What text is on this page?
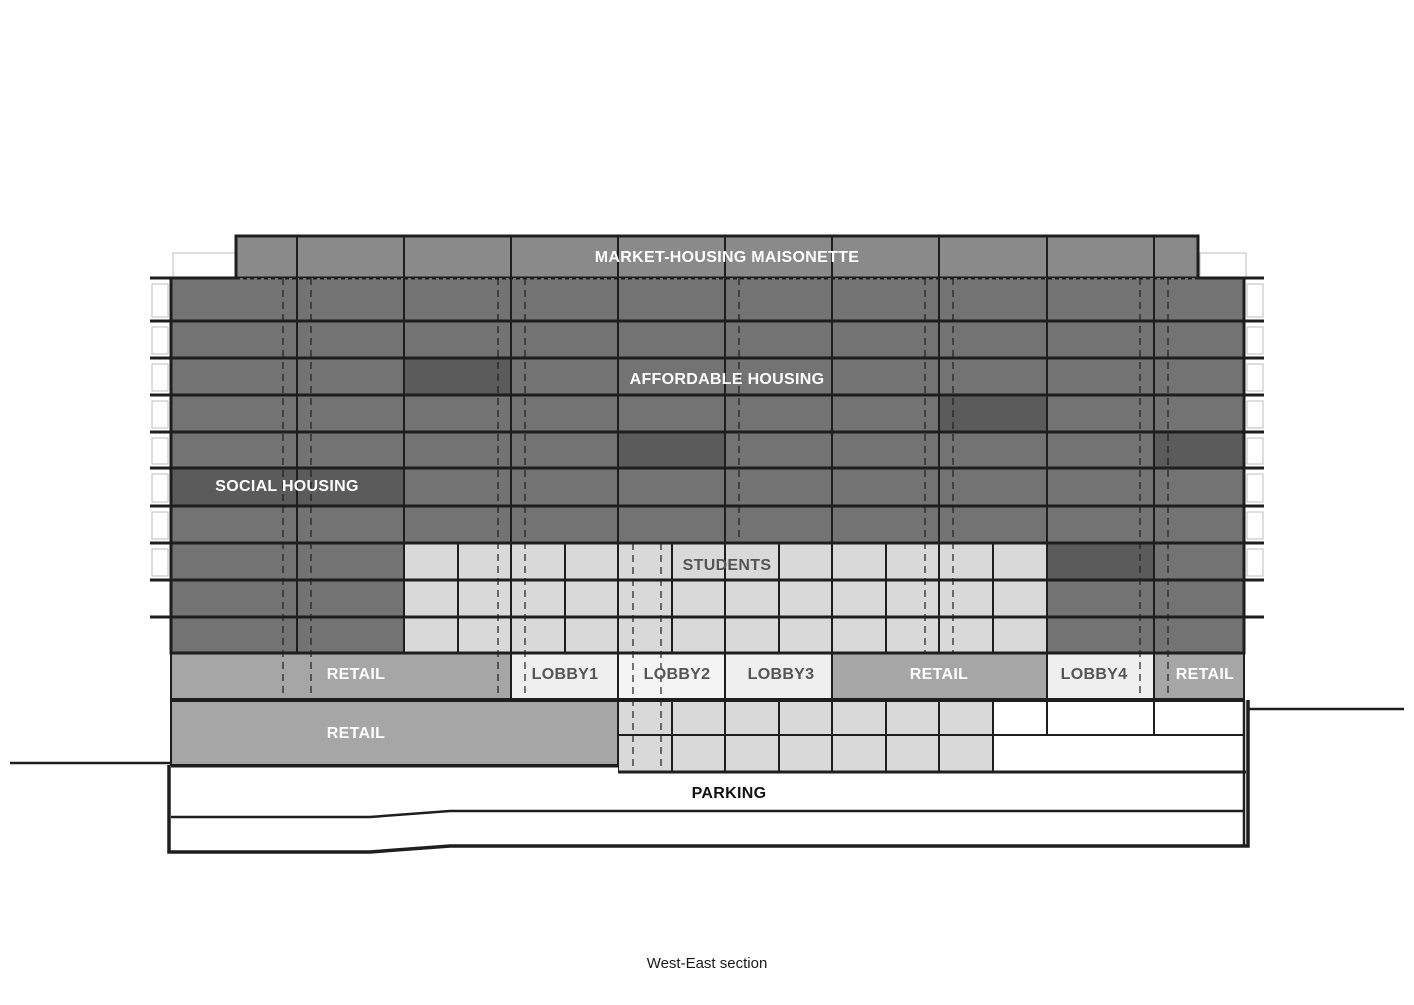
MARKET-HOUSING MAISONETTE
AFFORDABLE HOUSING
SOCIAL HOUSING
STUDENTS
RETAIL	LOBBY1	LOBBY2 LOBBY3	RETAIL	LOBBY4	RETAIL
RETAIL
PARKING
West-East section
